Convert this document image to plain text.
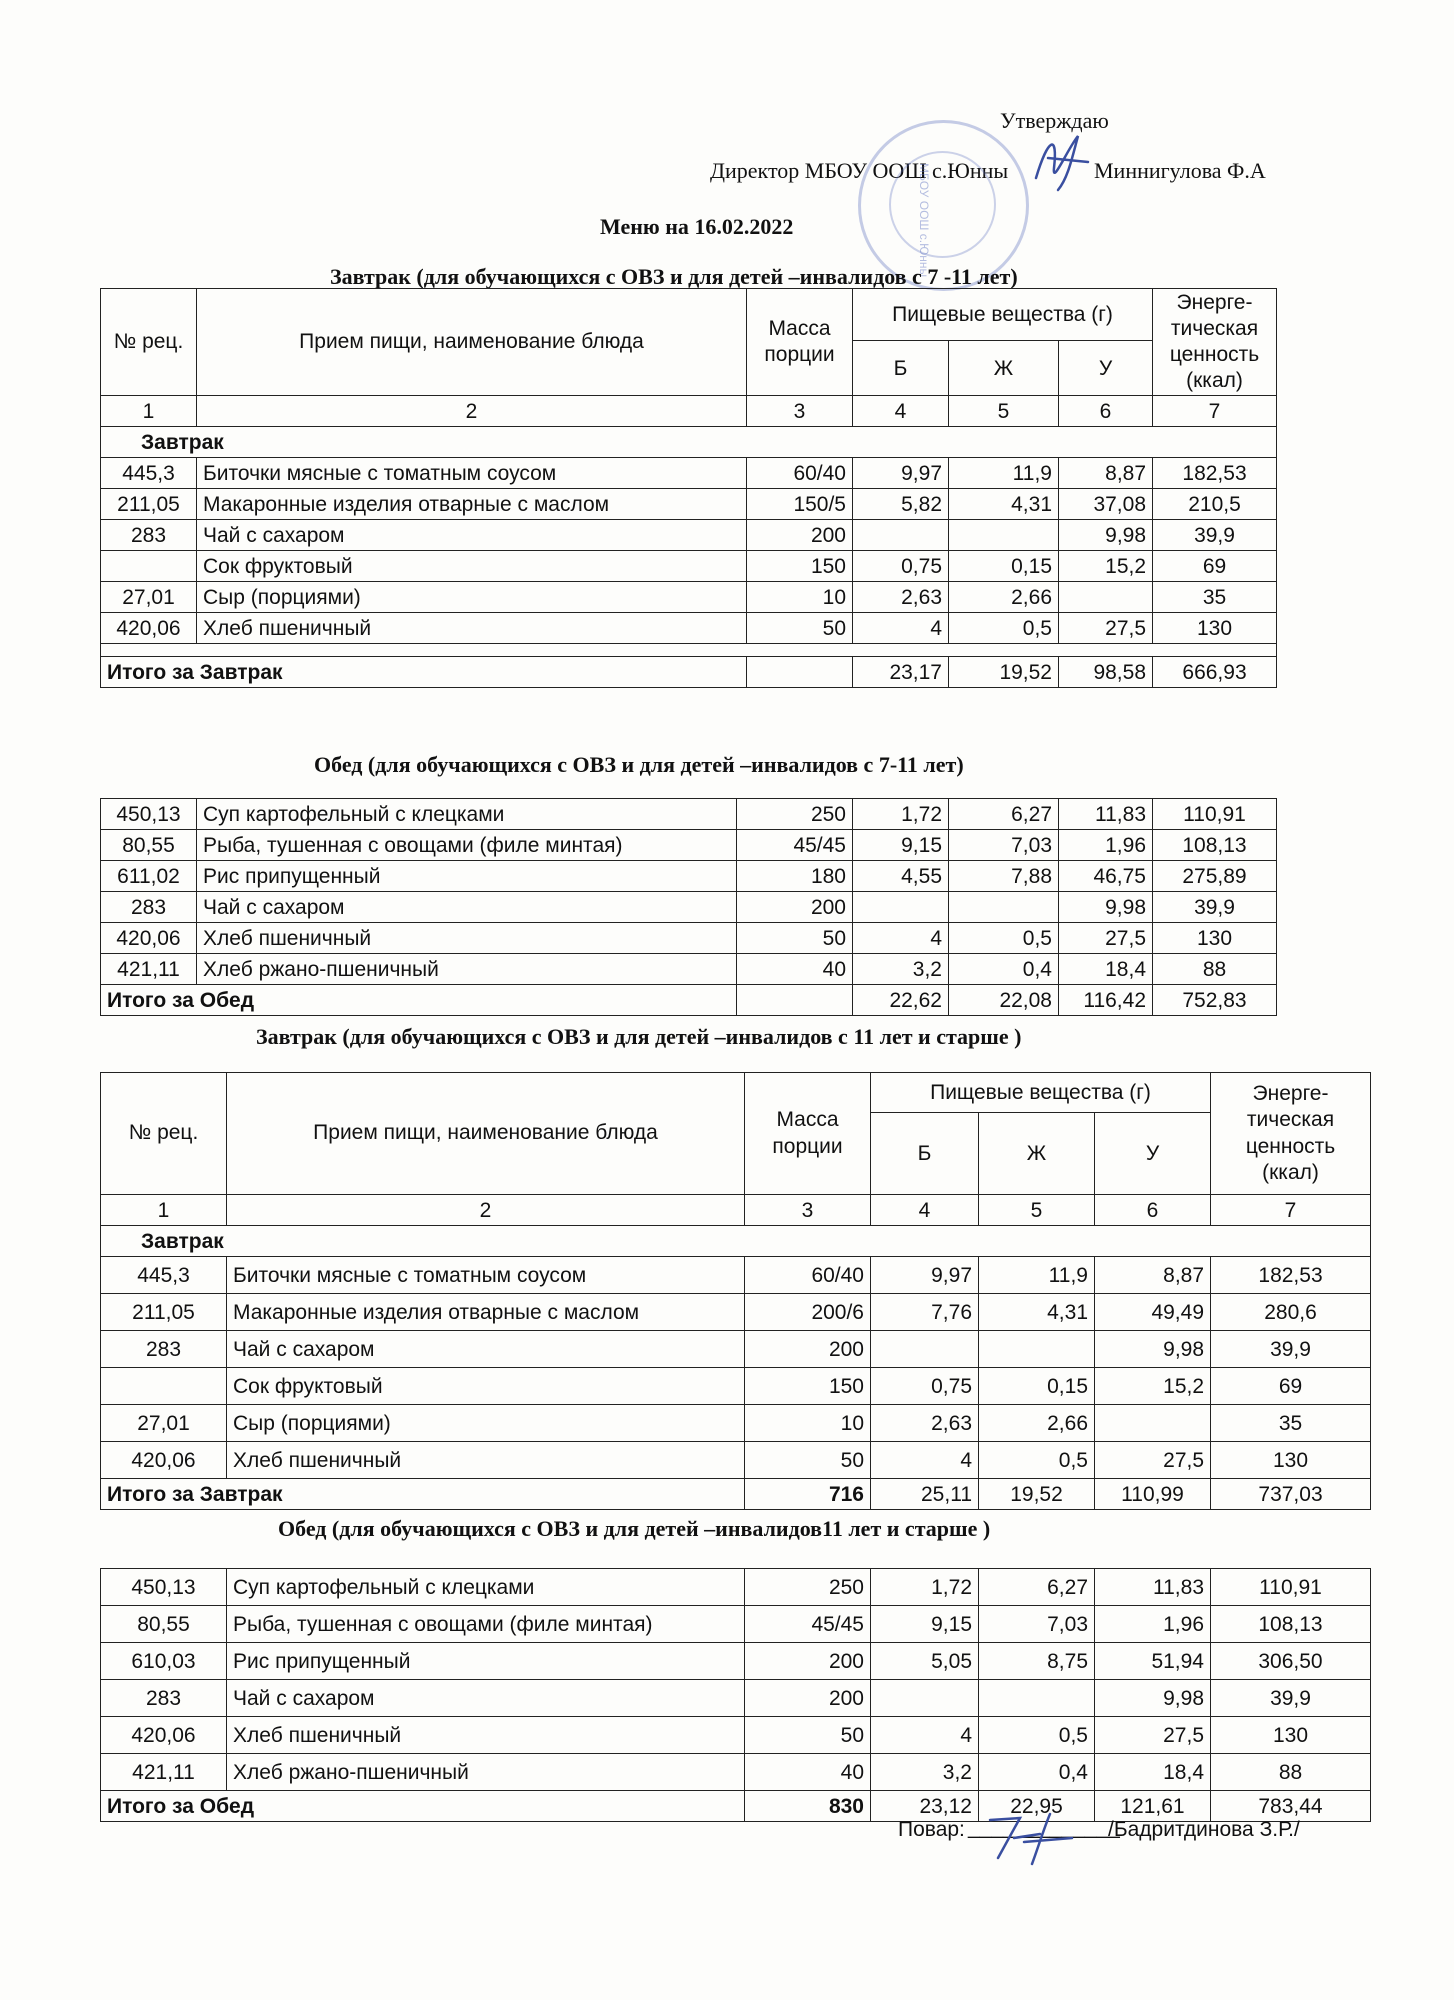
Утверждаю
Директор МБОУ ООШ с.Юнны	Миннигулова Ф.А
Меню на 16.02.2022	МБОУ ООШ с.Юнны
Завтрак (для обучающихся с ОВЗ и для детей –инвалидов с 7 -11 лет)
№ рец.	Прием пищи, наименование блюда	Масса порции	Пищевые вещества (г)			Энерге-тическая ценность (ккал)
			Б	Ж	У	
1	2	3	4	5	6	7
Завтрак						
445,3	Биточки мясные с томатным соусом	60/40	9,97	11,9	8,87	182,53
211,05	Макаронные изделия отварные с маслом	150/5	5,82	4,31	37,08	210,5
283	Чай с сахаром	200			9,98	39,9
	Сок фруктовый	150	0,75	0,15	15,2	69
27,01	Сыр (порциями)	10	2,63	2,66		35
420,06	Хлеб пшеничный	50	4	0,5	27,5	130

Итого за Завтрак			23,17	19,52	98,58	666,93
Обед (для обучающихся с ОВЗ и для детей –инвалидов с 7-11 лет)
450,13	Суп картофельный с клецками	250	1,72	6,27	11,83	110,91
80,55	Рыба, тушенная с овощами (филе минтая)	45/45	9,15	7,03	1,96	108,13
611,02	Рис припущенный	180	4,55	7,88	46,75	275,89
283	Чай с сахаром	200			9,98	39,9
420,06	Хлеб пшеничный	50	4	0,5	27,5	130
421,11	Хлеб ржано-пшеничный	40	3,2	0,4	18,4	88
Итого за Обед			22,62	22,08	116,42	752,83
Завтрак (для обучающихся с ОВЗ и для детей –инвалидов с 11 лет и старше )
№ рец.	Прием пищи, наименование блюда	Масса порции	Пищевые вещества (г)			Энерге-тическая ценность (ккал)
			Б	Ж	У	
1	2	3	4	5	6	7
Завтрак						
445,3	Биточки мясные с томатным соусом	60/40	9,97	11,9	8,87	182,53
211,05	Макаронные изделия отварные с маслом	200/6	7,76	4,31	49,49	280,6
283	Чай с сахаром	200			9,98	39,9
	Сок фруктовый	150	0,75	0,15	15,2	69
27,01	Сыр (порциями)	10	2,63	2,66		35
420,06	Хлеб пшеничный	50	4	0,5	27,5	130
Итого за Завтрак		716	25,11	19,52	110,99	737,03
Обед (для обучающихся с ОВЗ и для детей –инвалидов11 лет и старше )
450,13	Суп картофельный с клецками	250	1,72	6,27	11,83	110,91
80,55	Рыба, тушенная с овощами (филе минтая)	45/45	9,15	7,03	1,96	108,13
610,03	Рис припущенный	200	5,05	8,75	51,94	306,50
283	Чай с сахаром	200			9,98	39,9
420,06	Хлеб пшеничный	50	4	0,5	27,5	130
421,11	Хлеб ржано-пшеничный	40	3,2	0,4	18,4	88
Итого за Обед		830	23,12	22,95	121,61	783,44
Повар: _____________
/Бадритдинова З.Р./
